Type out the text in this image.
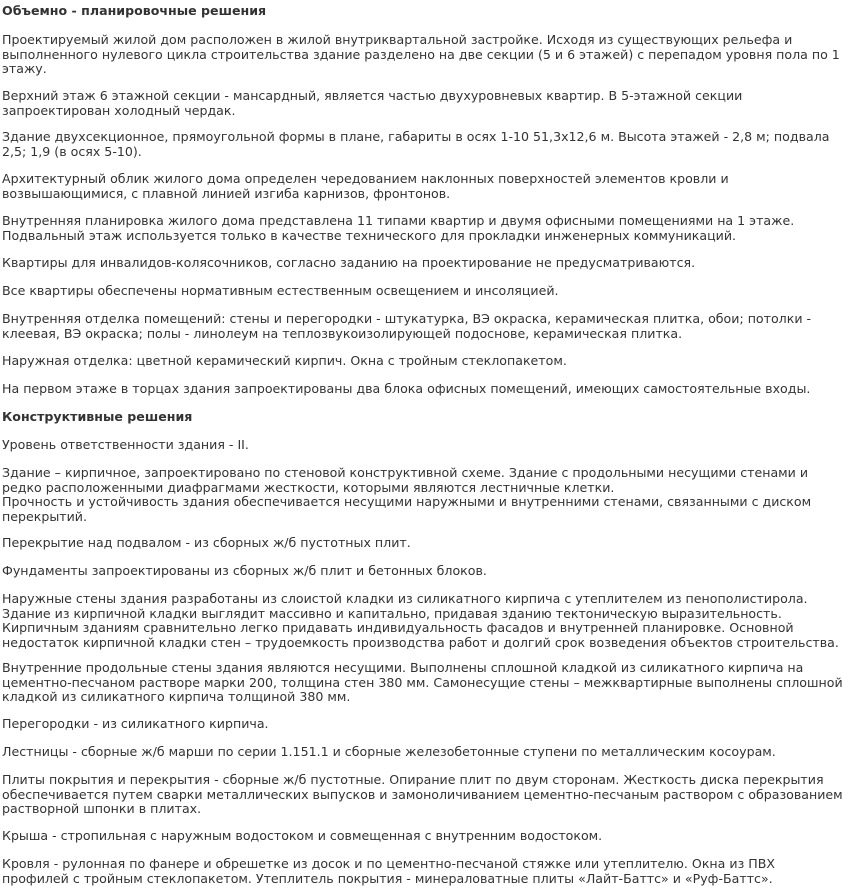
Объемно - планировочные решения

Проектируемый жилой дом расположен в жилой внутриквартальной застройке. Исходя из существующих рельефа и
выполненного нулевого цикла строительства здание разделено на две секции (5 и 6 этажей) с перепадом уровня пола по 1
этажу.

Верхний этаж 6 этажной секции - мансардный, является частью двухуровневых квартир. В 5-этажной секции
запроектирован холодный чердак.

Здание двухсекционное, прямоугольной формы в плане, габариты в осях 1-10 51,3х12,6 м. Высота этажей - 2,8 м; подвала
2,5; 1,9 (в осях 5-10).

Архитектурный облик жилого дома определен чередованием наклонных поверхностей элементов кровли и
возвышающимися, с плавной линией изгиба карнизов, фронтонов.

Внутренняя планировка жилого дома представлена 11 типами квартир и двумя офисными помещениями на 1 этаже.
Подвальный этаж используется только в качестве технического для прокладки инженерных коммуникаций.

Квартиры для инвалидов-колясочников, согласно заданию на проектирование не предусматриваются.

Все квартиры обеспечены нормативным естественным освещением и инсоляцией.

Внутренняя отделка помещений: стены и перегородки - штукатурка, ВЭ окраска, керамическая плитка, обои; потолки -
клеевая, ВЭ окраска; полы - линолеум на теплозвукоизолирующей подоснове, керамическая плитка.

Наружная отделка: цветной керамический кирпич. Окна с тройным стеклопакетом.

На первом этаже в торцах здания запроектированы два блока офисных помещений, имеющих самостоятельные входы.

Конструктивные решения

Уровень ответственности здания - II.

Здание – кирпичное, запроектировано по стеновой конструктивной схеме. Здание с продольными несущими стенами и
редко расположенными диафрагмами жесткости, которыми являются лестничные клетки.
Прочность и устойчивость здания обеспечивается несущими наружными и внутренними стенами, связанными с диском
перекрытий.

Перекрытие над подвалом - из сборных ж/б пустотных плит.

Фундаменты запроектированы из сборных ж/б плит и бетонных блоков.

Наружные стены здания разработаны из слоистой кладки из силикатного кирпича с утеплителем из пенополистирола.
Здание из кирпичной кладки выглядит массивно и капитально, придавая зданию тектоническую выразительность.
Кирпичным зданиям сравнительно легко придавать индивидуальность фасадов и внутренней планировке. Основной
недостаток кирпичной кладки стен – трудоемкость производства работ и долгий срок возведения объектов строительства.

Внутренние продольные стены здания являются несущими. Выполнены сплошной кладкой из силикатного кирпича на
цементно-песчаном растворе марки 200, толщина стен 380 мм. Самонесущие стены – межквартирные выполнены сплошной
кладкой из силикатного кирпича толщиной 380 мм.

Перегородки - из силикатного кирпича.

Лестницы - сборные ж/б марши по серии 1.151.1 и сборные железобетонные ступени по металлическим косоурам.

Плиты покрытия и перекрытия - сборные ж/б пустотные. Опирание плит по двум сторонам. Жесткость диска перекрытия
обеспечивается путем сварки металлических выпусков и замоноличиванием цементно-песчаным раствором с образованием
растворной шпонки в плитах.

Крыша - стропильная с наружным водостоком и совмещенная с внутренним водостоком.

Кровля - рулонная по фанере и обрешетке из досок и по цементно-песчаной стяжке или утеплителю. Окна из ПВХ
профилей с тройным стеклопакетом. Утеплитель покрытия - минераловатные плиты «Лайт-Баттс» и «Руф-Баттс».
